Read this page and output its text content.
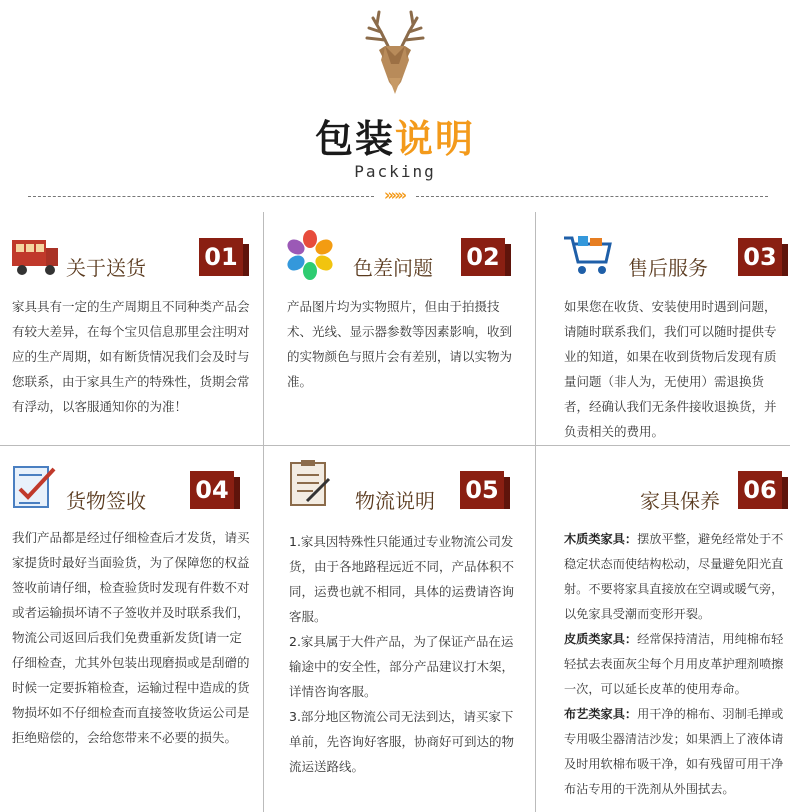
包装说明
Packing
»»»
关于送货 01
家具具有一定的生产周期且不同种类产品会有较大差异，在每个宝贝信息那里会注明对应的生产周期，如有断货情况我们会及时与您联系，由于家具生产的特殊性，货期会常有浮动，以客服通知你的为准！
色差问题 02
产品图片均为实物照片，但由于拍摄技术、光线、显示器参数等因素影响，收到的实物颜色与照片会有差别，请以实物为准。
售后服务 03
如果您在收货、安装使用时遇到问题，请随时联系我们，我们可以随时提供专业的知道，如果在收到货物后发现有质量问题（非人为，无使用）需退换货者，经确认我们无条件接收退换货，并负责相关的费用。
货物签收 04
我们产品都是经过仔细检查后才发货，请买家提货时最好当面验货，为了保障您的权益签收前请仔细，检查验货时发现有件数不对或者运输损坏请不子签收并及时联系我们，物流公司返回后我们免费重新发货[请一定仔细检查，尤其外包装出现磨损或是刮磳的时候一定要拆箱检查，运输过程中造成的货物损坏如不仔细检查而直接签收货运公司是拒绝赔偿的，会给您带来不必要的损失。
物流说明 05

1.家具因特殊性只能通过专业物流公司发货，由于各地路程远近不同，产品体积不同，运费也就不相同，具体的运费请咨询客服。

2.家具属于大件产品，为了保证产品在运输途中的安全性，部分产品建议打木架，详情咨询客服。

3.部分地区物流公司无法到达，请买家下单前，先咨询好客服，协商好可到达的物流运送路线。

家具保养 06

木质类家具：摆放平整，避免经常处于不稳定状态而使结构松动，尽量避免阳光直射。不要将家具直接放在空调或暖气旁，以免家具受潮而变形开裂。

皮质类家具：经常保持清洁，用纯棉布轻轻拭去表面灰尘每个月用皮革护理剂喷擦一次，可以延长皮革的使用寿命。

布艺类家具：用干净的棉布、羽制毛掸或专用吸尘器清洁沙发；如果洒上了液体请及时用软棉布吸干净，如有残留可用干净布沾专用的干洗剂从外围拭去。
